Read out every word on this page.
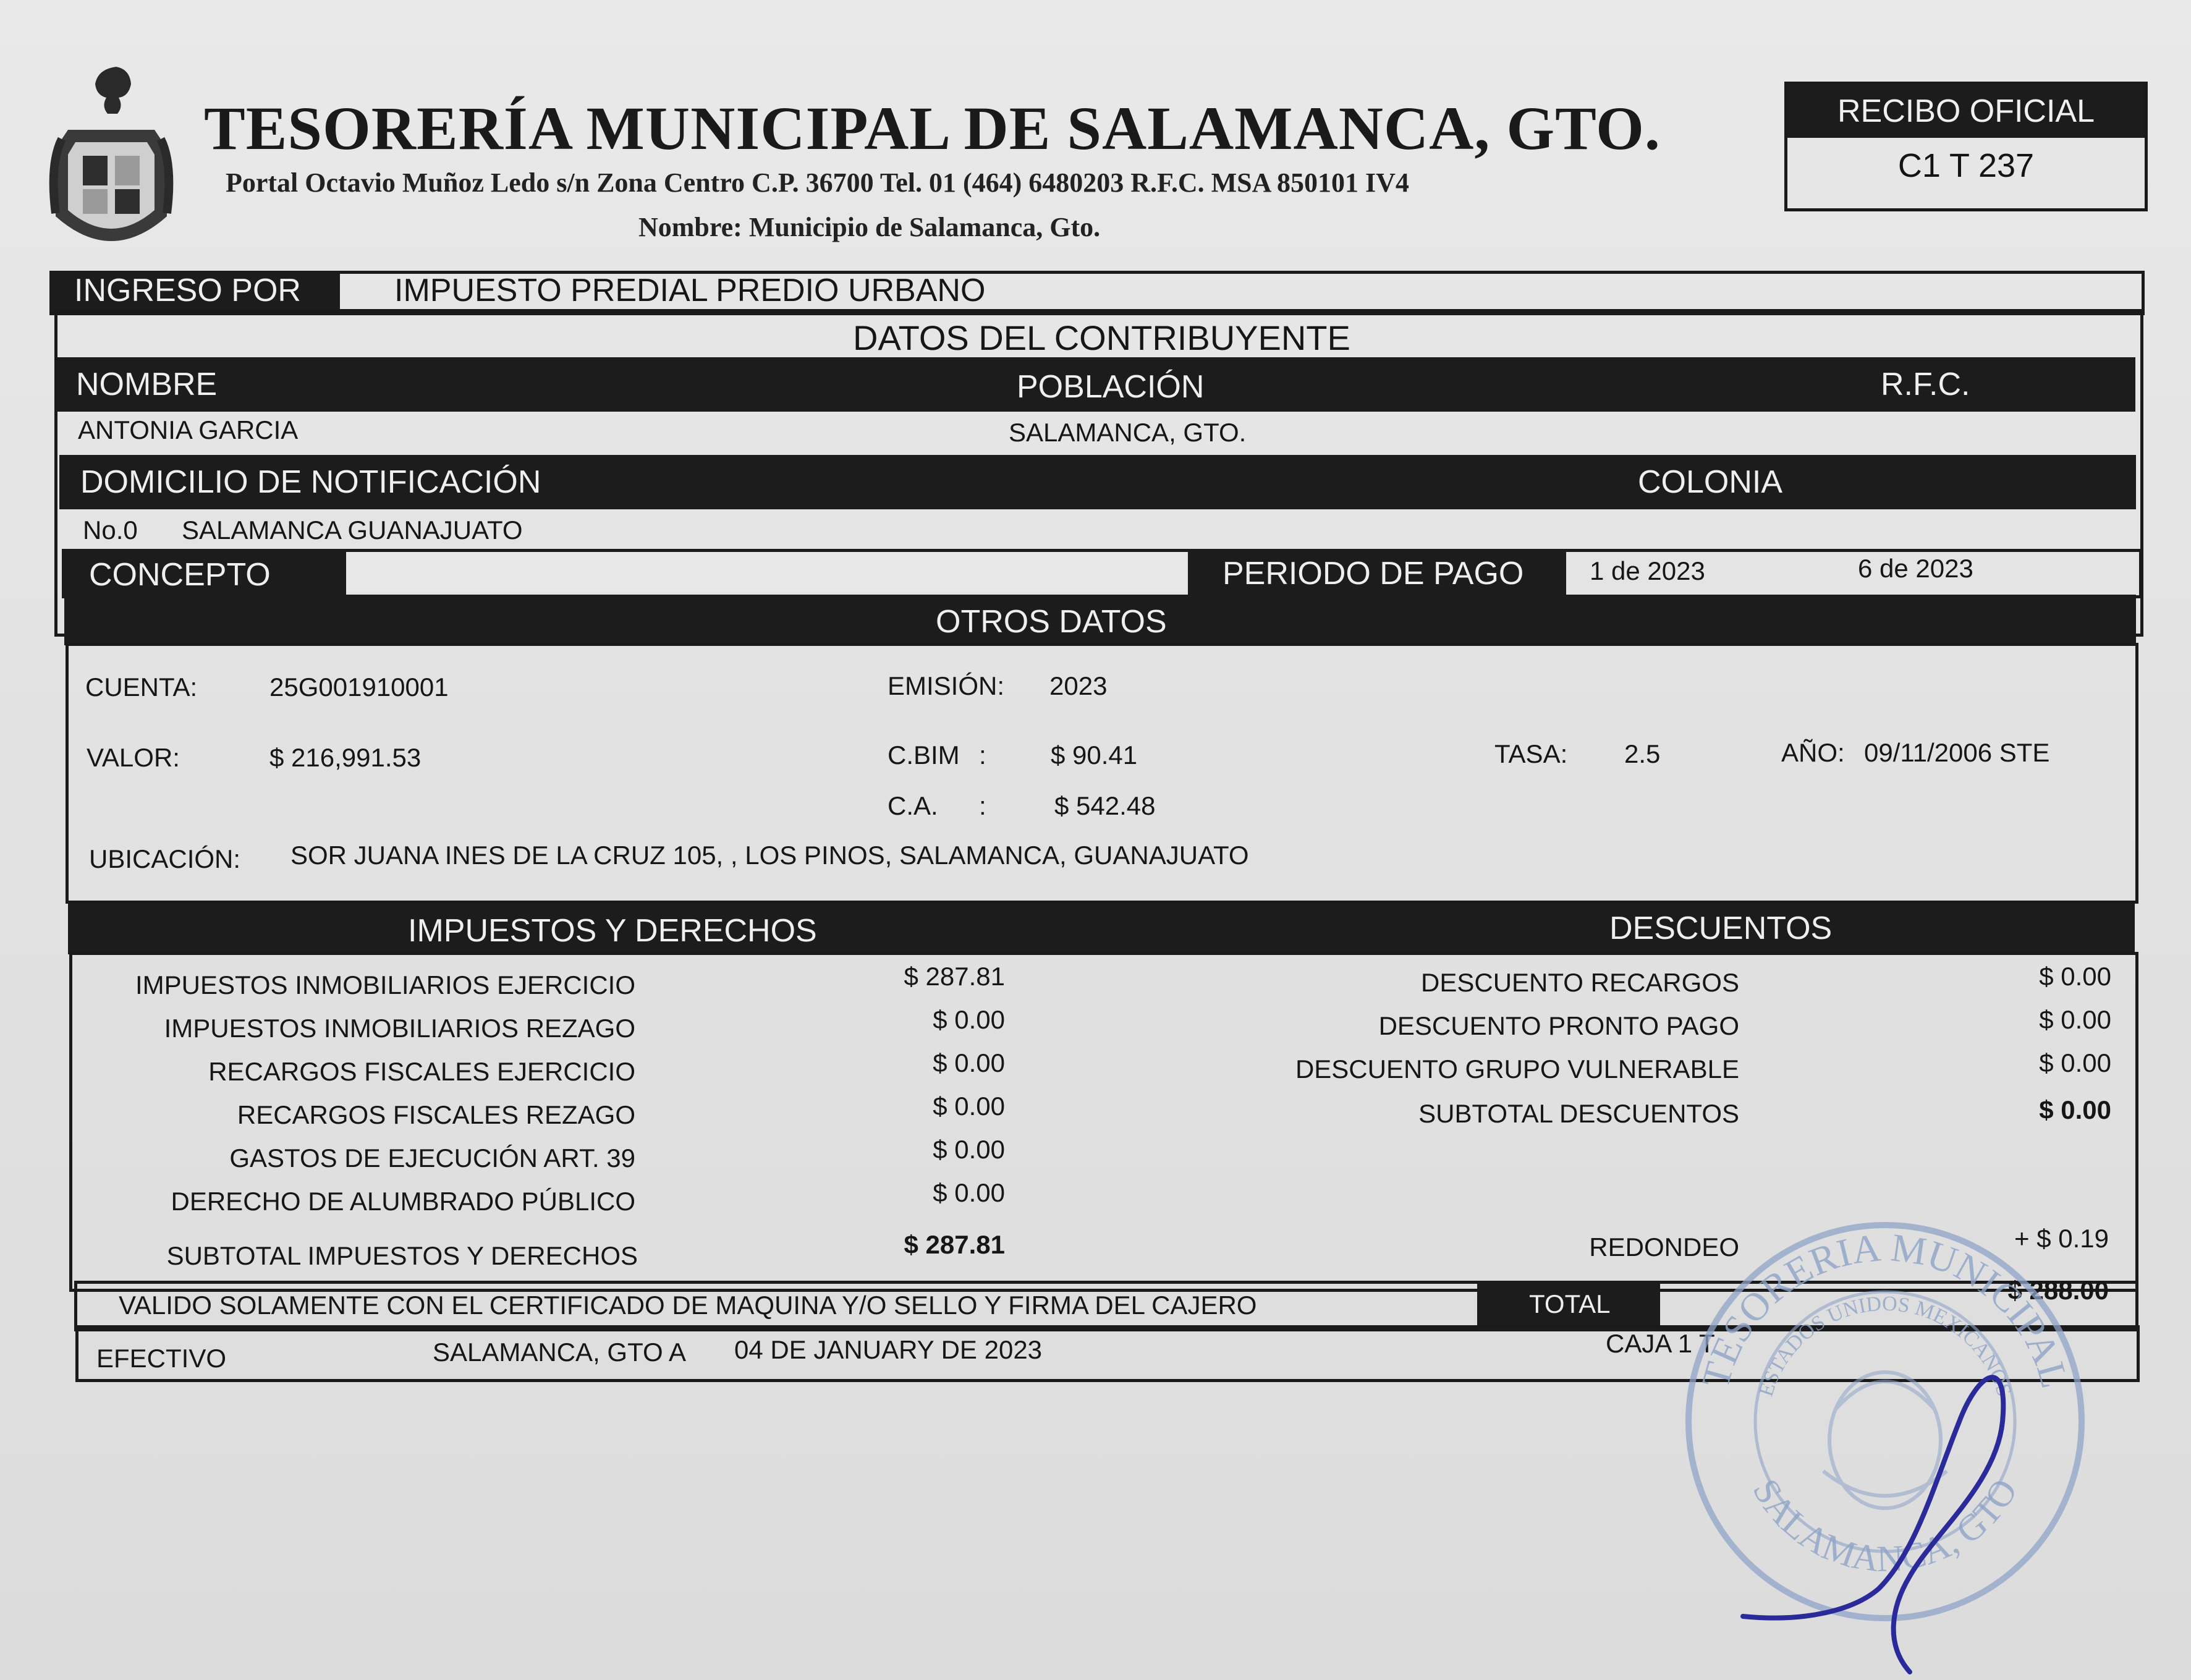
TESORERÍA MUNICIPAL DE SALAMANCA, GTO.
Portal Octavio Muñoz Ledo s/n Zona Centro C.P. 36700 Tel. 01 (464) 6480203 R.F.C. MSA 850101 IV4
Nombre: Municipio de Salamanca, Gto.
RECIBO OFICIAL
C1 T 237
INGRESO POR	IMPUESTO PREDIAL PREDIO URBANO
DATOS DEL CONTRIBUYENTE
NOMBRE	POBLACIÓN	R.F.C.
ANTONIA GARCIA	SALAMANCA, GTO.
DOMICILIO DE NOTIFICACIÓN	COLONIA
No.0 SALAMANCA GUANAJUATO
CONCEPTO	PERIODO DE PAGO	1 de 2023	6 de 2023
OTROS DATOS
CUENTA:	25G001910001	EMISIÓN: 2023
VALOR:	$ 216,991.53	C.BIM : $ 90.41	TASA: 2.5	AÑO: 09/11/2006 STE
C.A. :	$ 542.48
UBICACIÓN: SOR JUANA INES DE LA CRUZ 105, , LOS PINOS, SALAMANCA, GUANAJUATO
IMPUESTOS Y DERECHOS	DESCUENTOS
IMPUESTOS INMOBILIARIOS EJERCICIO	$ 287.81
IMPUESTOS INMOBILIARIOS REZAGO	$ 0.00
RECARGOS FISCALES EJERCICIO	$ 0.00
RECARGOS FISCALES REZAGO	$ 0.00
GASTOS DE EJECUCIÓN ART. 39	$ 0.00
DERECHO DE ALUMBRADO PÚBLICO	$ 0.00
DESCUENTO RECARGOS	$ 0.00
DESCUENTO PRONTO PAGO	$ 0.00
DESCUENTO GRUPO VULNERABLE	$ 0.00
SUBTOTAL IMPUESTOS Y DERECHOS	$ 287.81
SUBTOTAL DESCUENTOS	$ 0.00
REDONDEO	+ $ 0.19
VALIDO SOLAMENTE CON EL CERTIFICADO DE MAQUINA Y/O SELLO Y FIRMA DEL CAJERO	TOTAL	$ 288.00
EFECTIVO	SALAMANCA, GTO A 04 DE JANUARY DE 2023	CAJA 1 T
TESORERIA MUNICIPAL
ESTADOS UNIDOS MEXICANOS
SALAMANCA, GTO
